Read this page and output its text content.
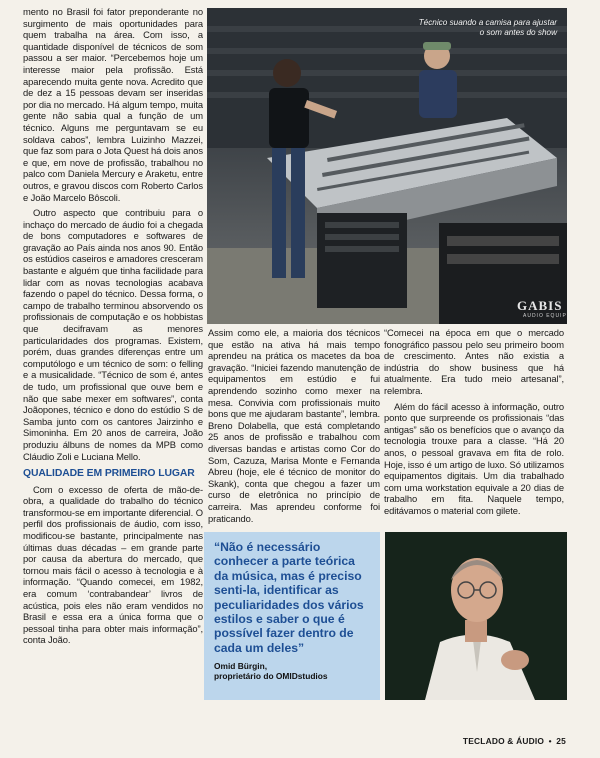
mento no Brasil foi fator preponderante no surgimento de mais oportunidades para quem trabalha na área. Com isso, a quantidade disponível de técnicos de som passou a ser maior. “Percebemos hoje um interesse maior pela profissão. Está aparecendo muita gente nova. Acredito que de dez a 15 pessoas devam ser inseridas por dia no mercado. Há algum tempo, muita gente não sabia qual a função de um técnico. Alguns me perguntavam se eu soldava cabos”, lembra Luizinho Mazzei, que faz som para o Jota Quest há dois anos e que, em nove de profissão, trabalhou no palco com Daniela Mercury e Araketu, entre outros, e gravou discos com Roberto Carlos e João Marcelo Bôscoli.

Outro aspecto que contribuiu para o inchaço do mercado de áudio foi a chegada de bons computadores e softwares de gravação ao País ainda nos anos 90. Então os estúdios caseiros e amadores cresceram bastante e alguém que tinha facilidade para lidar com as novas tecnologias acabava fazendo o papel do técnico. Dessa forma, o campo de trabalho terminou absorvendo os profissionais de computação e os hobbistas que decifravam as menores particularidades dos programas. Existem, porém, duas grandes diferenças entre um computólogo e um técnico de som: o felling e a musicalidade. “Técnico de som é, antes de tudo, um profissional que ouve bem e não que sabe mexer em softwares”, conta Joãopones, técnico e dono do estúdio S de Samba junto com os cantores Jairzinho e Simoninha. Em 20 anos de carreira, João produziu álbuns de nomes da MPB como Cláudio Zoli e Luciana Mello.

QUALIDADE EM PRIMEIRO LUGAR

Com o excesso de oferta de mão-de-obra, a qualidade do trabalho do técnico transformou-se em importante diferencial. O perfil dos profissionais de áudio, com isso, modificou-se bastante, principalmente nas últimas duas décadas – em grande parte por causa da abertura do mercado, que tornou mais fácil o acesso à tecnologia e à informação. “Quando comecei, em 1982, era comum ‘contrabandear’ livros de acústica, pois eles não eram vendidos no Brasil e essa era a única forma que o pessoal tinha para obter mais informação”, conta João.

Técnico suando a camisa para ajustar o som antes do show
GABIS
AUDIO EQUIP

Assim como ele, a maioria dos técnicos que estão na ativa há mais tempo aprendeu na prática os macetes da boa gravação. “Iniciei fazendo manutenção de equipamentos em estúdio e fui aprendendo sozinho como mexer na mesa. Convivia com profissionais muito bons que me ajudaram bastante”, lembra. Breno Dolabella, que está completando 25 anos de profissão e trabalhou com diversas bandas e artistas como Cor do Som, Cazuza, Marisa Monte e Fernanda Abreu (hoje, ele é técnico de monitor do Skank), conta que chegou a fazer um curso de eletrônica no princípio de carreira. Mas aprendeu conforme foi praticando.

“Comecei na época em que o mercado fonográfico passou pelo seu primeiro boom de crescimento. Antes não existia a indústria do show business que há atualmente. Era tudo meio artesanal”, relembra.

Além do fácil acesso à informação, outro ponto que surpreende os profissionais “das antigas” são os benefícios que o avanço da tecnologia trouxe para a classe. “Há 20 anos, o pessoal gravava em fita de rolo. Hoje, isso é um artigo de luxo. Só utilizamos equipamentos digitais. Um dia trabalhado com uma workstation equivale a 20 dias de trabalho em fita. Naquele tempo, editávamos o material com gilete.

“Não é necessário conhecer a parte teórica da música, mas é preciso senti-la, identificar as peculiaridades dos vários estilos e saber o que é possível fazer dentro de cada um deles”
Omid Bürgin,
proprietário do OMIDstudios
TECLADO & ÁUDIO • 25
